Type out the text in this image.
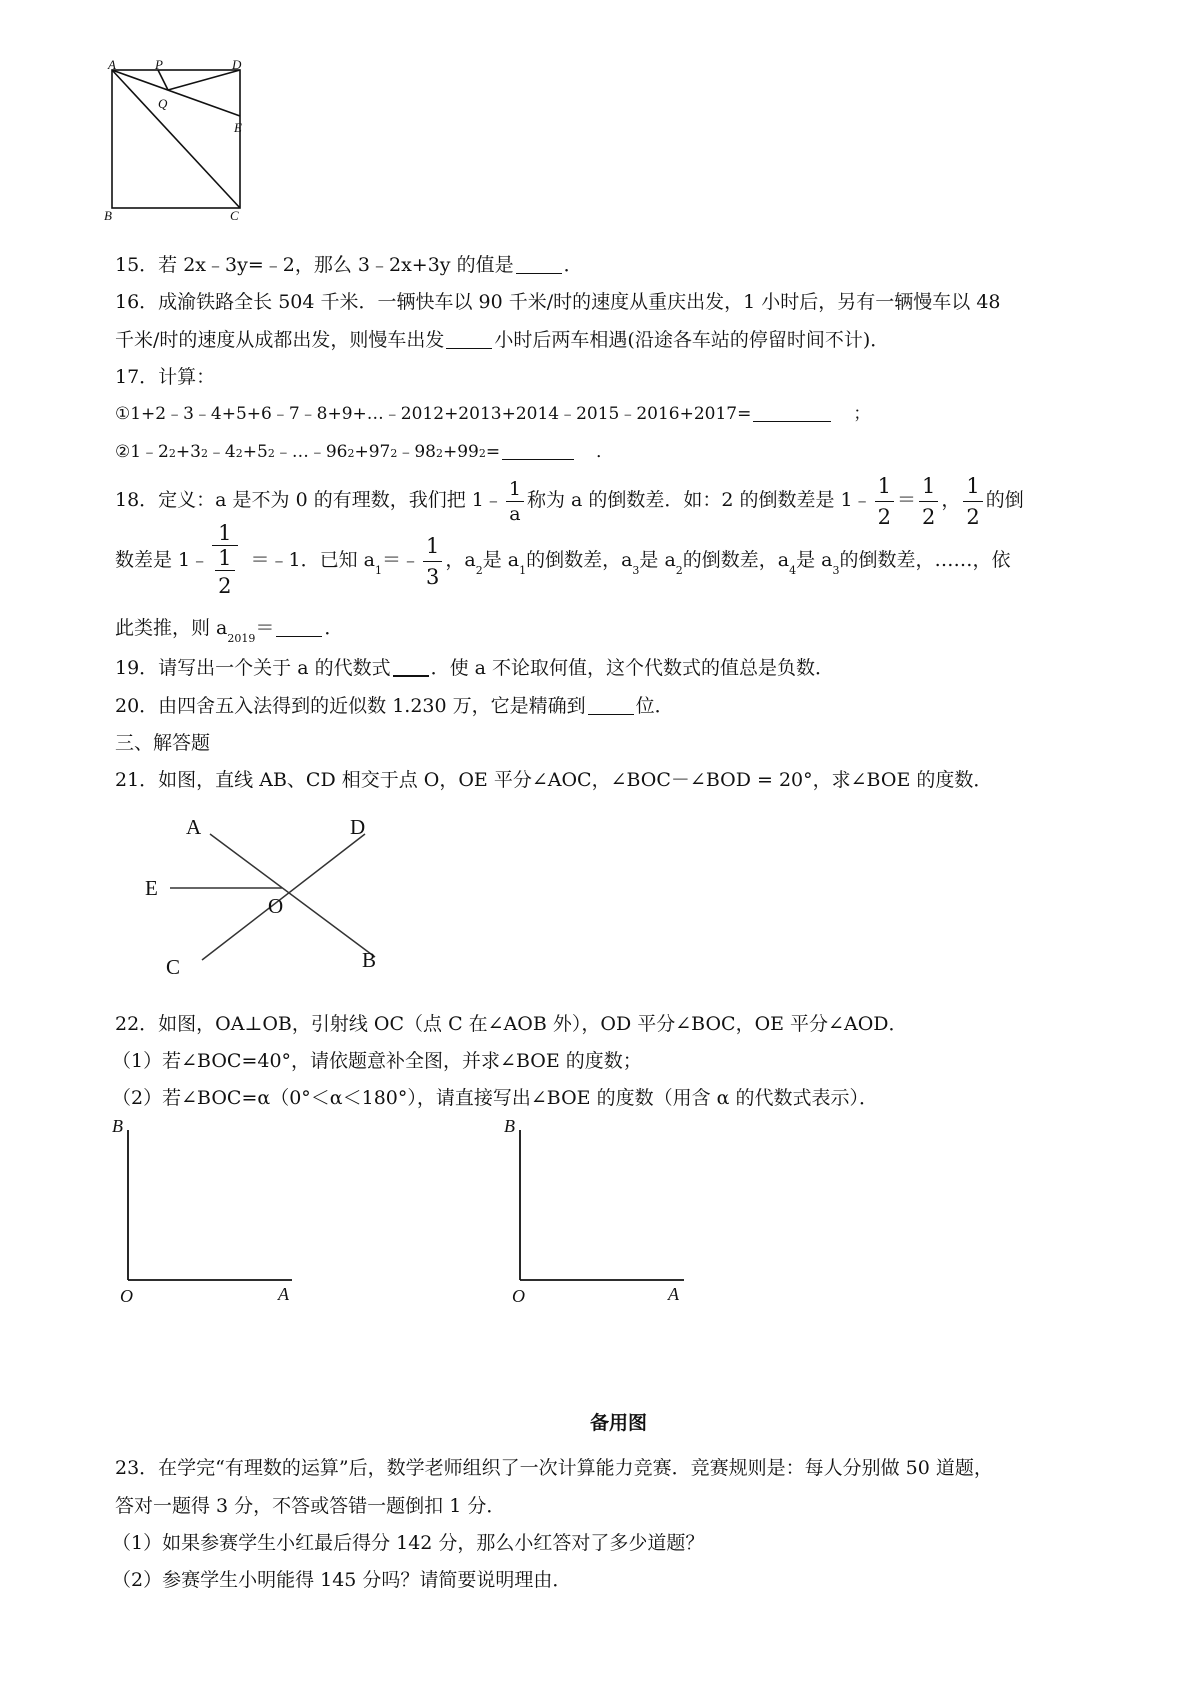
A	P	D
Q
E
B	C
15．若 2x﹣3y=﹣2，那么 3﹣2x+3y 的值是	．
16．成渝铁路全长 504 千米．一辆快车以 90 千米/时的速度从重庆出发，1 小时后，另有一辆慢车以 48
千米/时的速度从成都出发，则慢车出发	小时后两车相遇(沿途各车站的停留时间不计)．
17．计算：
①1+2﹣3﹣4+5+6﹣7﹣8+9+…﹣2012+2013+2014﹣2015﹣2016+2017=	；
②1﹣22+32﹣42+52﹣…﹣962+972﹣982+992=	．
18．定义：a 是不为 0 的有理数，我们把 1﹣ $\frac{1}{a}$ 称为 a 的倒数差．如：2 的倒数差是 1﹣ $\frac{1}{2} = \frac{1}{2}$ ， $\frac{1}{2}$ 的倒
数差是 1﹣ $\frac{1}{\frac{1}{2}}$ ＝﹣1．已知 $a_1=﹣ \frac{1}{3}$ ，$a_2$是 $a_1$的倒数差，$a_3$是 $a_2$的倒数差，$a_4$是 $a_3$的倒数差，……，依
此类推，则 $a_{2019}=$	．
19．请写出一个关于 a 的代数式 ．使 a 不论取何值，这个代数式的值总是负数．
20．由四舍五入法得到的近似数 1.230 万，它是精确到	位．
三、解答题
21．如图，直线 AB、CD 相交于点 O，OE 平分∠AOC，∠BOC－∠BOD = 20°，求∠BOE 的度数．
A	D
E
O
C	B
22．如图，OA⊥OB，引射线 OC（点 C 在∠AOB 外），OD 平分∠BOC，OE 平分∠AOD．
（1）若∠BOC=40°，请依题意补全图，并求∠BOE 的度数；
（2）若∠BOC=α（0°＜α＜180°），请直接写出∠BOE 的度数（用含 α 的代数式表示）．
B
O	A
B
O	A
备用图
23．在学完“有理数的运算”后，数学老师组织了一次计算能力竞赛．竞赛规则是：每人分别做 50 道题，
答对一题得 3 分，不答或答错一题倒扣 1 分．
（1）如果参赛学生小红最后得分 142 分，那么小红答对了多少道题？
（2）参赛学生小明能得 145 分吗？请简要说明理由．
